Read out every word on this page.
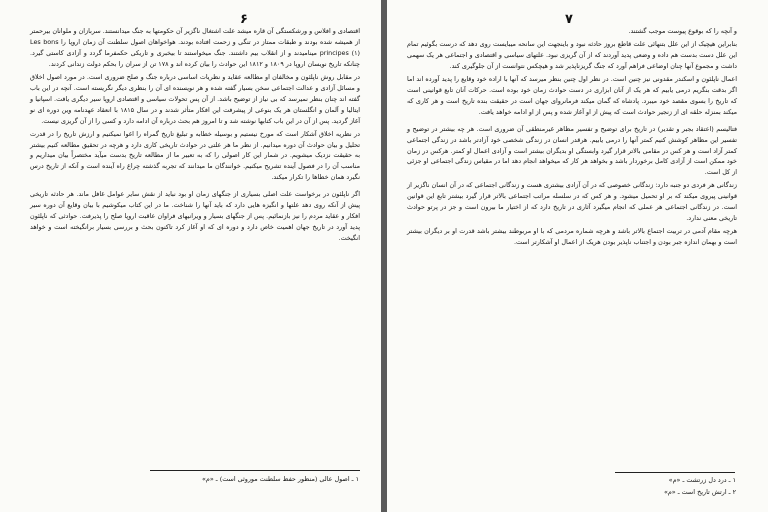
۶

اقتصادی و افلاس و ورشکستگی آن قاره میشد علت اشتغال ناگزیر آن حکومتها به جنگ میدانستند. سربازان و ملوانان بیرحمتر از همیشه شده بودند و طبقات ممتاز در تنگی و زحمت افتاده بودند. هواخواهان اصول سلطنت آن زمان اروپا را Les bons principes (۱) مینامیدند و از انقلاب بیم داشتند. جنگ میخواستند تا بیخبری و تاریکی حکمفرما گردد و آزادی کاستی گیرد. چنانکه تاریخ نویسان اروپا در ۱۸۰۹ و ۱۸۱۲ این حوادث را بیان کرده اند و ۱۷۸ تن از سران را بحکم دولت زندانی کردند.

در مقابل روش ناپلئون و مخالفان او مطالعه عقاید و نظریات اساسی درباره جنگ و صلح ضروری است. در مورد اصول اخلاق و مسائل آزادی و عدالت اجتماعی سخن بسیار گفته شده و هر نویسنده ای آن را بنظری دیگر نگریسته است. آنچه در این باب گفته اند چنان بنظر نمیرسد که بی نیاز از توضیح باشد. از آن پس تحولات سیاسی و اقتصادی اروپا سیر دیگری یافت. اسپانیا و ایتالیا و آلمان و انگلستان هر یک بنوعی از پیشرفت این افکار متأثر شدند و در سال ۱۸۱۵ با انعقاد عهدنامه وین دوره ای نو آغاز گردید. پس از آن در این باب کتابها نوشته شد و تا امروز هم بحث درباره آن ادامه دارد و کسی را از آن گریزی نیست.

در نظریه اخلاق آشکار است که مورخ نیستیم و بوسیله خطابه و تبلیغ تاریخ گمراه را اغوا نمیکنیم و ارزش تاریخ را در قدرت تحلیل و بیان حوادث آن دوره میدانیم. از نظر ما هر علتی در حوادث تاریخی کاری دارد و هرچه در تحقیق مطالعه کنیم بیشتر به حقیقت نزدیک میشویم. در شمار این کار اصولی را که به تعبیر ما از مطالعه تاریخ بدست میآید مختصراً بیان میداریم و مناسب آن را در فصول آینده تشریح میکنیم. خوانندگان ما میدانند که تجربه گذشته چراغ راه آینده است و آنکه از تاریخ درس نگیرد همان خطاها را تکرار میکند.

اگر ناپلئون در برخواست علت اصلی بسیاری از جنگهای زمان او بود نباید از نقش سایر عوامل غافل ماند. هر حادثه تاریخی پیش از آنکه روی دهد علتها و انگیزه هایی دارد که باید آنها را شناخت. ما در این کتاب میکوشیم با بیان وقایع آن دوره سیر افکار و عقاید مردم را نیز بازنمائیم. پس از جنگهای بسیار و ویرانیهای فراوان عاقبت اروپا صلح را پذیرفت. حوادثی که ناپلئون پدید آورد در تاریخ جهان اهمیت خاص دارد و دوره ای که او آغاز کرد تاکنون بحث و بررسی بسیار برانگیخته است و خواهد انگیخت.

۱ ـ اصول عالی (منظور حفظ سلطنت موروثی است) ـ «م»
۷

و آنچه را که بوقوع پیوست موجب گشتند.

بنابراین هیچیک از این علل بتنهائی علت قاطع بروز حادثه نبود و باینجهت این سانحه میبایست روی دهد که درست بگوئیم تمام این علل دست بدست هم داده و وضعی پدید آوردند که از آن گریزی نبود. علتهای سیاسی و اقتصادی و اجتماعی هر یک سهمی داشت و مجموع آنها چنان اوضاعی فراهم آورد که جنگ گریزناپذیر شد و هیچکس نتوانست از آن جلوگیری کند.

اعمال ناپلئون و اسکندر مقدونی نیز چنین است. در نظر اول چنین بنظر میرسد که آنها با اراده خود وقایع را پدید آورده اند اما اگر بدقت بنگریم درمی یابیم که هر یک از آنان ابزاری در دست حوادث زمان خود بوده است. حرکات آنان تابع قوانینی است که تاریخ را بسوی مقصد خود میبرد. پادشاه که گمان میکند فرمانروای جهان است در حقیقت بنده تاریخ است و هر کاری که میکند بمنزله حلقه ای از زنجیر حوادث است که پیش از او آغاز شده و پس از او ادامه خواهد یافت.

فتالیسم (اعتقاد بجبر و تقدیر) در تاریخ برای توضیح و تفسیر مظاهر غیرمنطقی آن ضروری است. هر چه بیشتر در توضیح و تفسیر این مظاهر کوشش کنیم کمتر آنها را درمی یابیم. هرقدر انسان در زندگی شخصی خود آزادتر باشد در زندگی اجتماعی کمتر آزاد است و هر کس در مقامی بالاتر قرار گیرد وابستگی او بدیگران بیشتر است و آزادی اعمال او کمتر. هرکس در زمان خود ممکن است از آزادی کامل برخوردار باشد و بخواهد هر کار که میخواهد انجام دهد اما در مقیاس زندگی اجتماعی او جزئی از کل است.

زندگانی هر فردی دو جنبه دارد: زندگانی خصوصی که در آن آزادی بیشتری هست و زندگانی اجتماعی که در آن انسان ناگزیر از قوانینی پیروی میکند که بر او تحمیل میشود. و هر کس که در سلسله مراتب اجتماعی بالاتر قرار گیرد بیشتر تابع این قوانین است. در زندگانی اجتماعی هر عملی که انجام میگیرد آثاری در تاریخ دارد که از اختیار ما بیرون است و جز در پرتو حوادث تاریخی معنی ندارد.

هرچه مقام آدمی در تربیت اجتماع بالاتر باشد و هرچه شماره مردمی که با او مربوطند بیشتر باشد قدرت او بر دیگران بیشتر است و بهمان اندازه جبر بودن و اجتناب ناپذیر بودن هریک از اعمال او آشکارتر است.

۱ ـ درد دل زرتشت ـ «م»
۲ ـ ارتش تاریخ است ـ «م»
